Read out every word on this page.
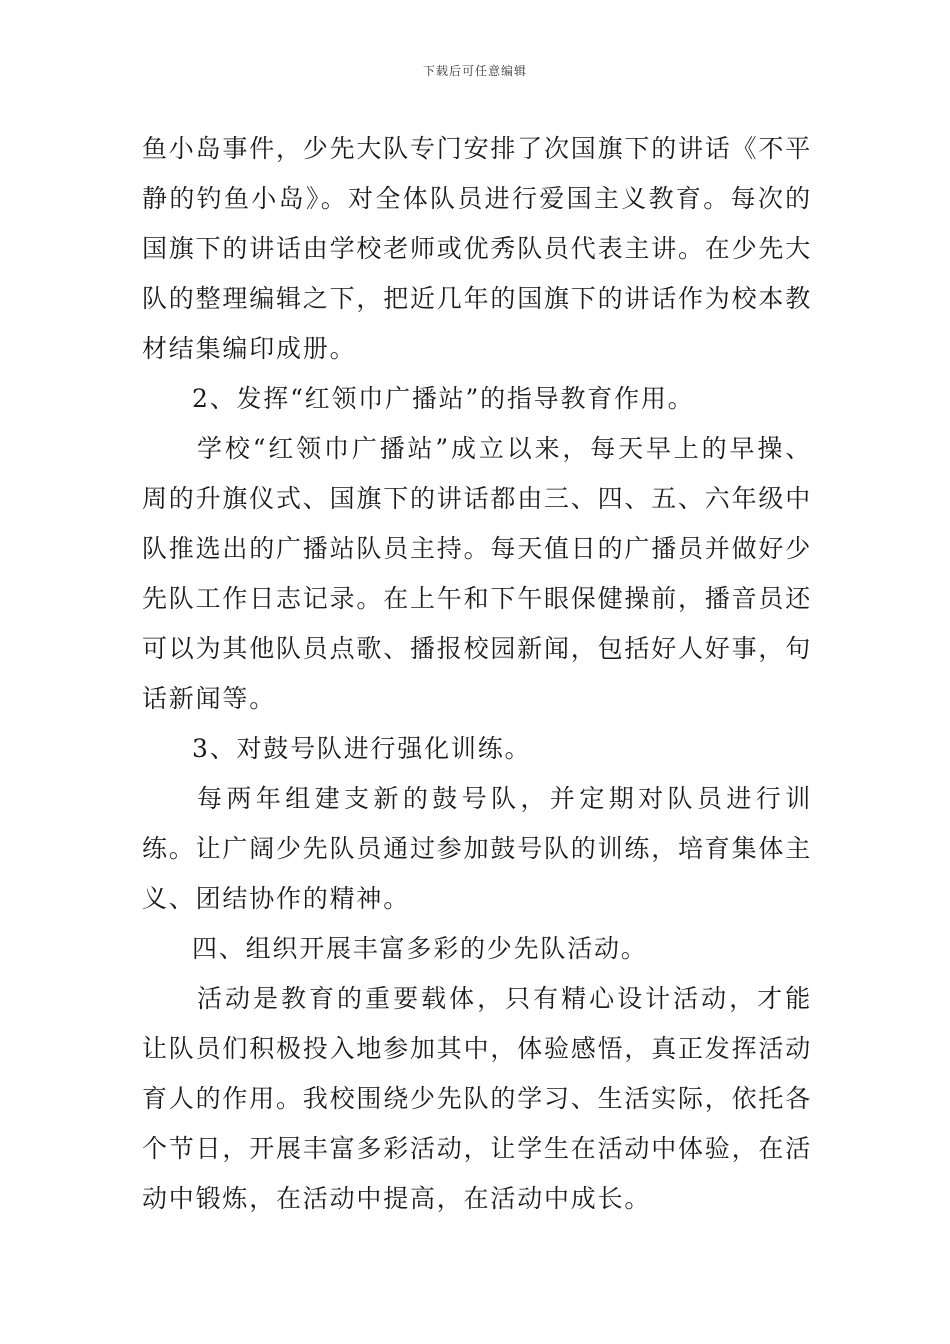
下载后可任意编辑

鱼小岛事件，少先大队专门安排了次国旗下的讲话《不平静的钓鱼小岛》。对全体队员进行爱国主义教育。每次的国旗下的讲话由学校老师或优秀队员代表主讲。在少先大队的整理编辑之下，把近几年的国旗下的讲话作为校本教材结集编印成册。

2、发挥“红领巾广播站”的指导教育作用。

学校“红领巾广播站”成立以来，每天早上的早操、周的升旗仪式、国旗下的讲话都由三、四、五、六年级中队推选出的广播站队员主持。每天值日的广播员并做好少先队工作日志记录。在上午和下午眼保健操前，播音员还可以为其他队员点歌、播报校园新闻，包括好人好事，句话新闻等。

3、对鼓号队进行强化训练。

每两年组建支新的鼓号队，并定期对队员进行训练。让广阔少先队员通过参加鼓号队的训练，培育集体主义、团结协作的精神。

四、组织开展丰富多彩的少先队活动。

活动是教育的重要载体，只有精心设计活动，才能让队员们积极投入地参加其中，体验感悟，真正发挥活动育人的作用。我校围绕少先队的学习、生活实际，依托各个节日，开展丰富多彩活动，让学生在活动中体验，在活动中锻炼，在活动中提高，在活动中成长。
